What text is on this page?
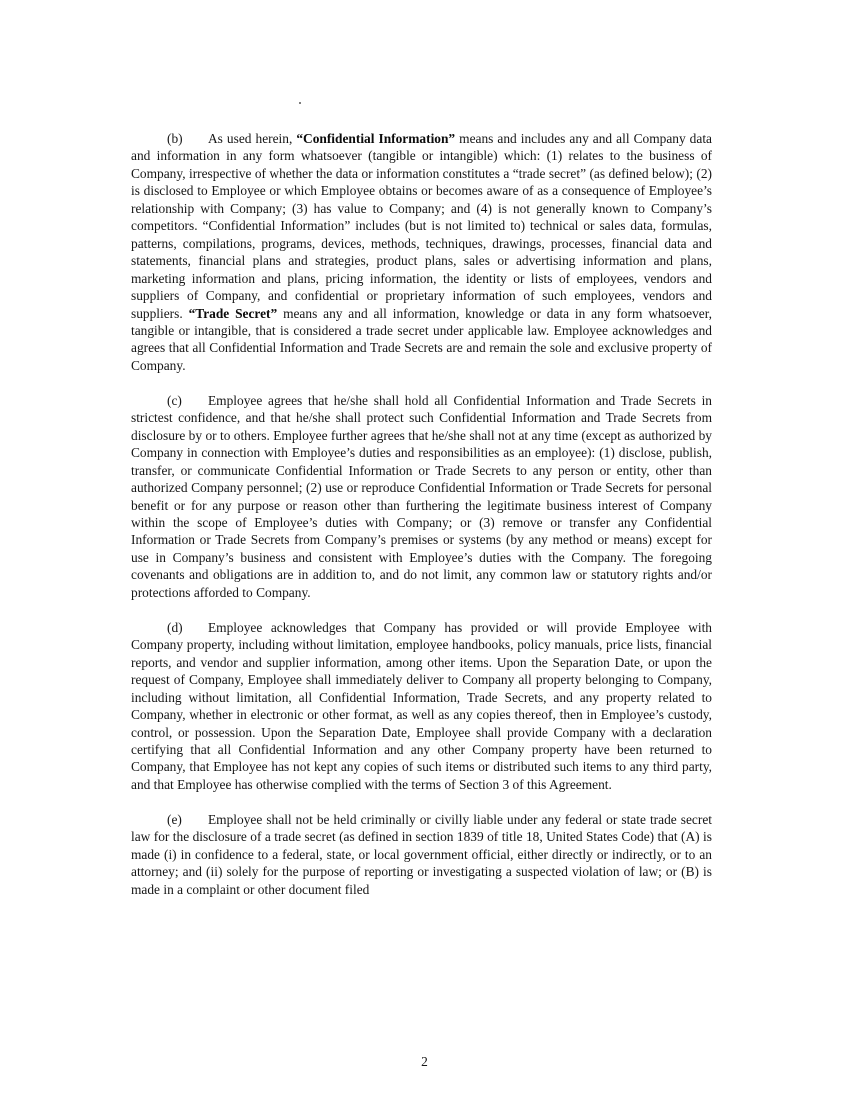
(b) As used herein, “Confidential Information” means and includes any and all Company data and information in any form whatsoever (tangible or intangible) which: (1) relates to the business of Company, irrespective of whether the data or information constitutes a “trade secret” (as defined below); (2) is disclosed to Employee or which Employee obtains or becomes aware of as a consequence of Employee’s relationship with Company; (3) has value to Company; and (4) is not generally known to Company’s competitors. “Confidential Information” includes (but is not limited to) technical or sales data, formulas, patterns, compilations, programs, devices, methods, techniques, drawings, processes, financial data and statements, financial plans and strategies, product plans, sales or advertising information and plans, marketing information and plans, pricing information, the identity or lists of employees, vendors and suppliers of Company, and confidential or proprietary information of such employees, vendors and suppliers. “Trade Secret” means any and all information, knowledge or data in any form whatsoever, tangible or intangible, that is considered a trade secret under applicable law. Employee acknowledges and agrees that all Confidential Information and Trade Secrets are and remain the sole and exclusive property of Company.

(c) Employee agrees that he/she shall hold all Confidential Information and Trade Secrets in strictest confidence, and that he/she shall protect such Confidential Information and Trade Secrets from disclosure by or to others. Employee further agrees that he/she shall not at any time (except as authorized by Company in connection with Employee’s duties and responsibilities as an employee): (1) disclose, publish, transfer, or communicate Confidential Information or Trade Secrets to any person or entity, other than authorized Company personnel; (2) use or reproduce Confidential Information or Trade Secrets for personal benefit or for any purpose or reason other than furthering the legitimate business interest of Company within the scope of Employee’s duties with Company; or (3) remove or transfer any Confidential Information or Trade Secrets from Company’s premises or systems (by any method or means) except for use in Company’s business and consistent with Employee’s duties with the Company. The foregoing covenants and obligations are in addition to, and do not limit, any common law or statutory rights and/or protections afforded to Company.

(d) Employee acknowledges that Company has provided or will provide Employee with Company property, including without limitation, employee handbooks, policy manuals, price lists, financial reports, and vendor and supplier information, among other items. Upon the Separation Date, or upon the request of Company, Employee shall immediately deliver to Company all property belonging to Company, including without limitation, all Confidential Information, Trade Secrets, and any property related to Company, whether in electronic or other format, as well as any copies thereof, then in Employee’s custody, control, or possession. Upon the Separation Date, Employee shall provide Company with a declaration certifying that all Confidential Information and any other Company property have been returned to Company, that Employee has not kept any copies of such items or distributed such items to any third party, and that Employee has otherwise complied with the terms of Section 3 of this Agreement.

(e) Employee shall not be held criminally or civilly liable under any federal or state trade secret law for the disclosure of a trade secret (as defined in section 1839 of title 18, United States Code) that (A) is made (i) in confidence to a federal, state, or local government official, either directly or indirectly, or to an attorney; and (ii) solely for the purpose of reporting or investigating a suspected violation of law; or (B) is made in a complaint or other document filed

2
